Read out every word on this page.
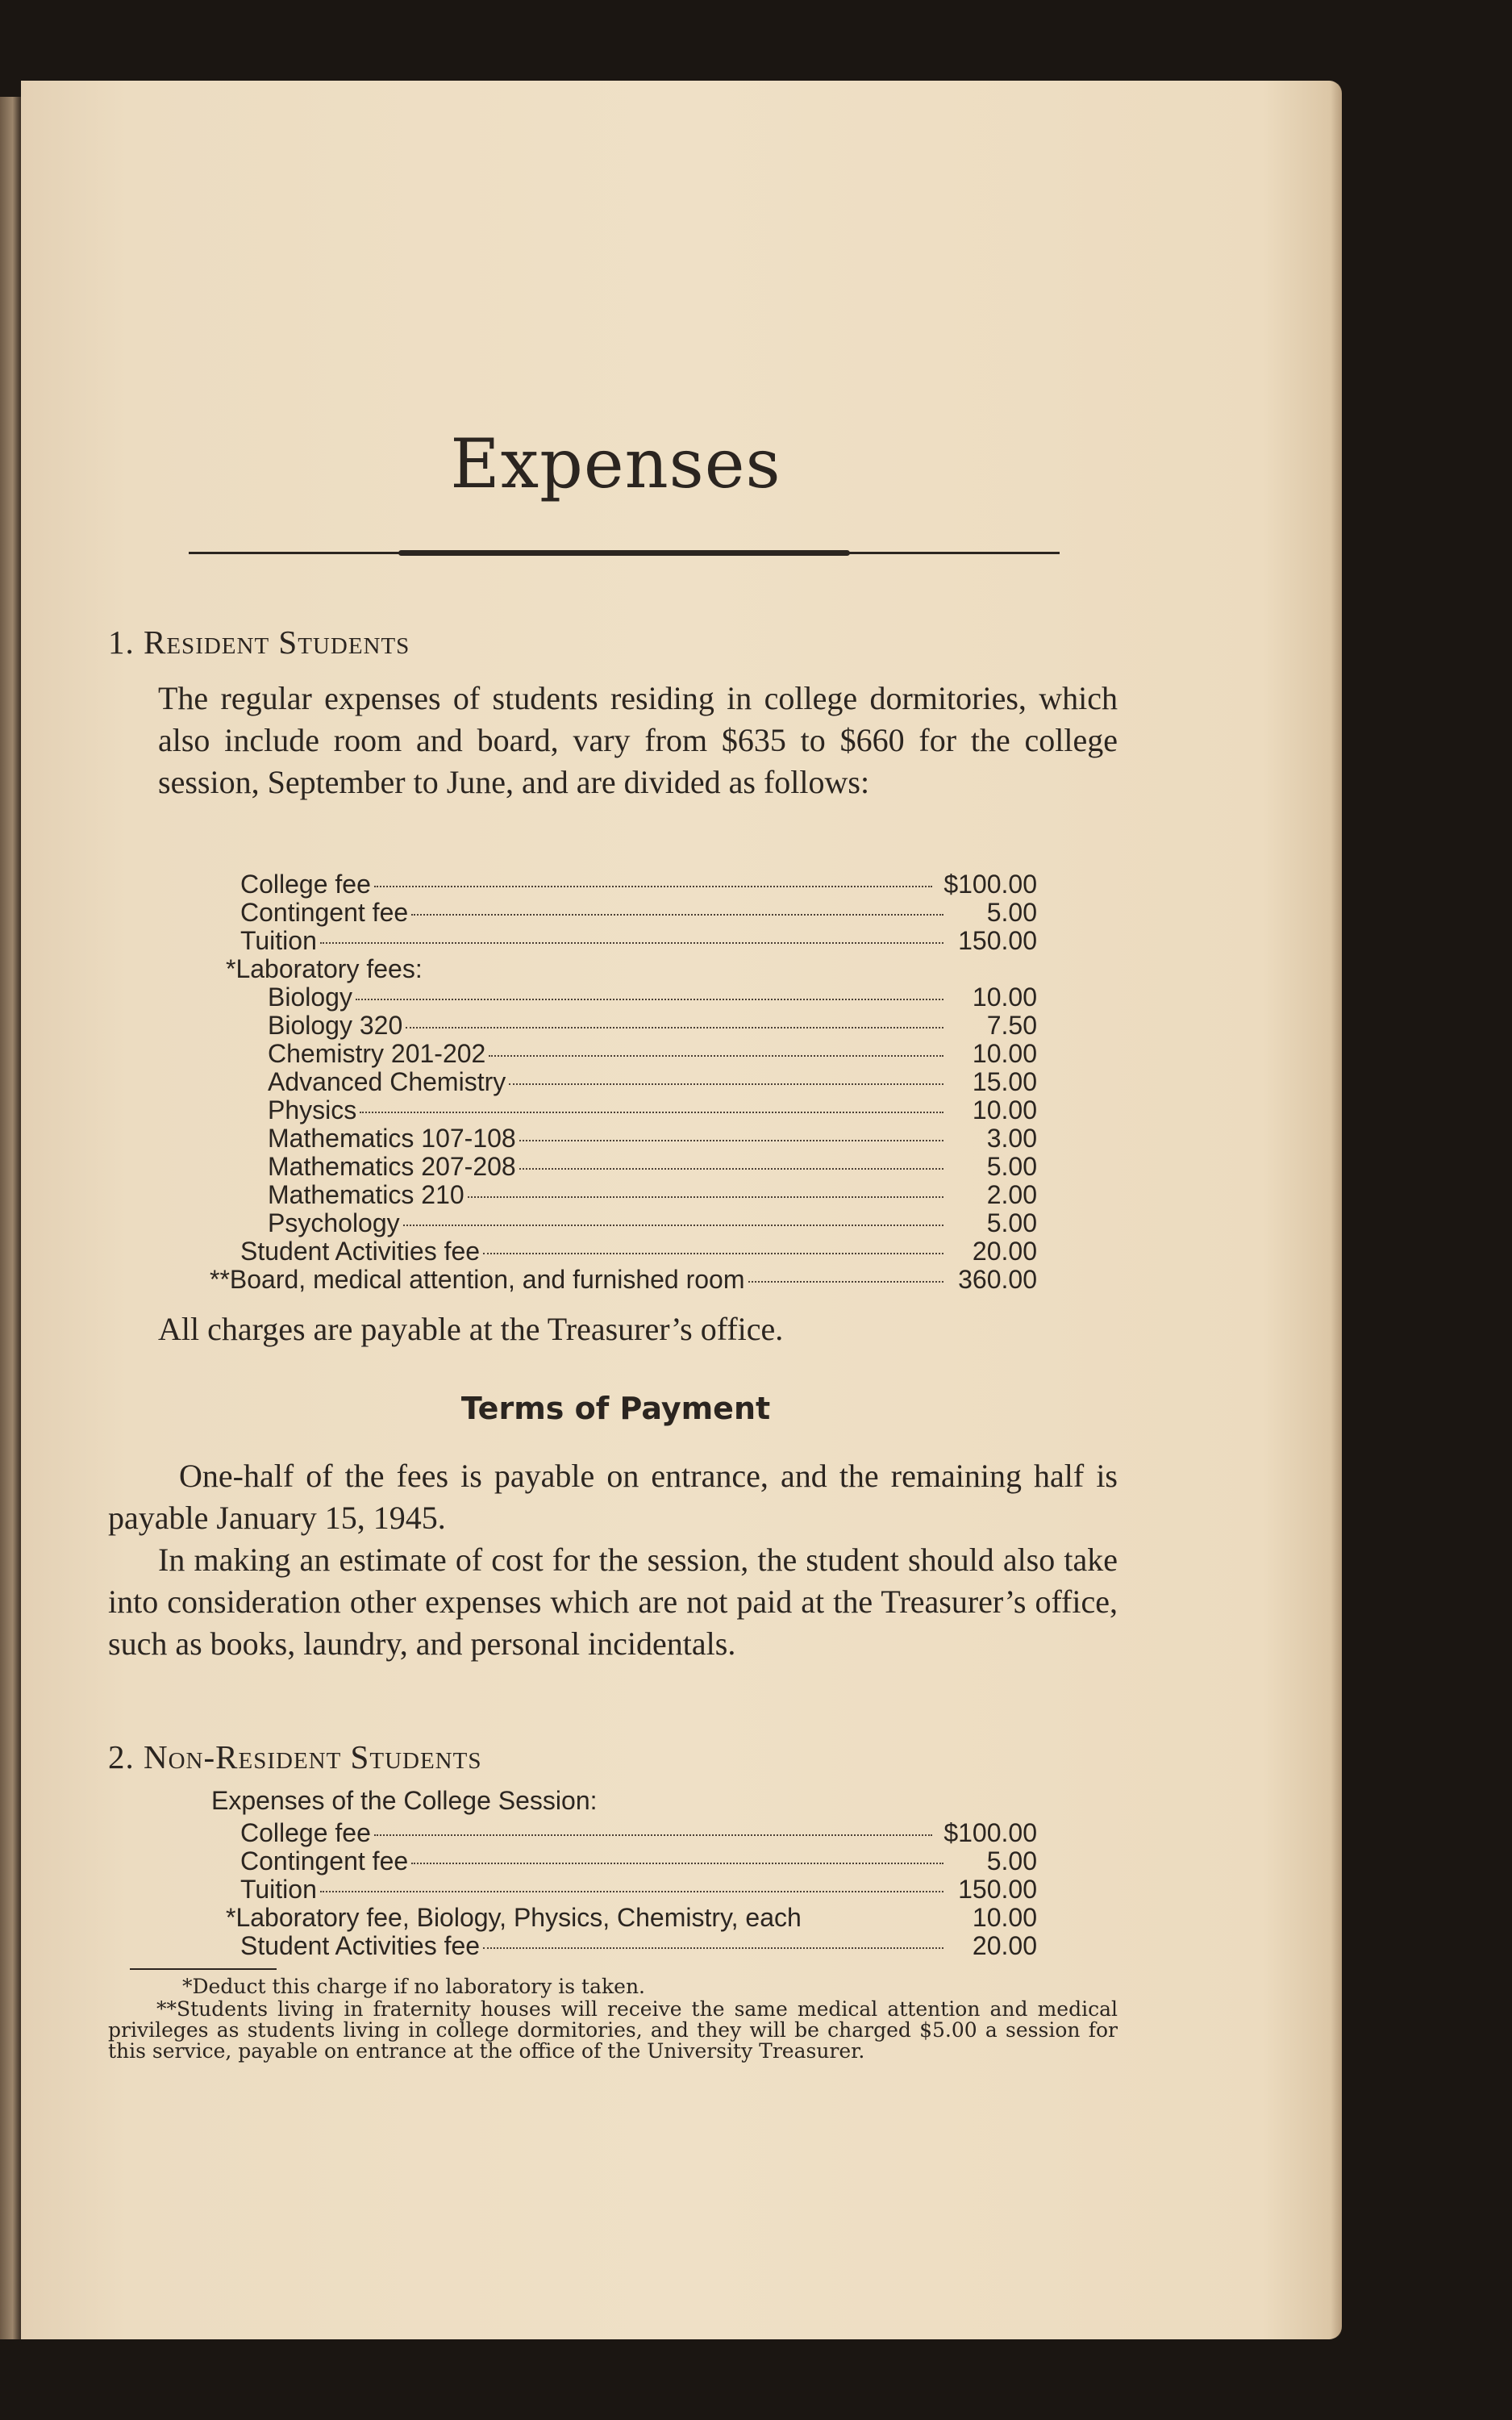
Expenses
1. Resident Students
The regular expenses of students residing in college dormitories, which also include room and board, vary from $635 to $660 for the college session, September to June, and are divided as follows:
College fee	$100.00
Contingent fee	5.00
Tuition	150.00
*Laboratory fees:
Biology	10.00
Biology 320	7.50
Chemistry 201-202	10.00
Advanced Chemistry	15.00
Physics	10.00
Mathematics 107-108	3.00
Mathematics 207-208	5.00
Mathematics 210	2.00
Psychology	5.00
Student Activities fee	20.00
**Board, medical attention, and furnished room	360.00
All charges are payable at the Treasurer’s office.
Terms of Payment
One-half of the fees is payable on entrance, and the remaining half is payable January 15, 1945.
In making an estimate of cost for the session, the student should also take into consideration other expenses which are not paid at the Treasurer’s office, such as books, laundry, and personal incidentals.
2. Non-Resident Students
Expenses of the College Session:
College fee	$100.00
Contingent fee	5.00
Tuition	150.00
*Laboratory fee, Biology, Physics, Chemistry, each	10.00
Student Activities fee	20.00
*Deduct this charge if no laboratory is taken.
**Students living in fraternity houses will receive the same medical attention and medical privileges as students living in college dormitories, and they will be charged $5.00 a session for this service, payable on entrance at the office of the University Treasurer.
